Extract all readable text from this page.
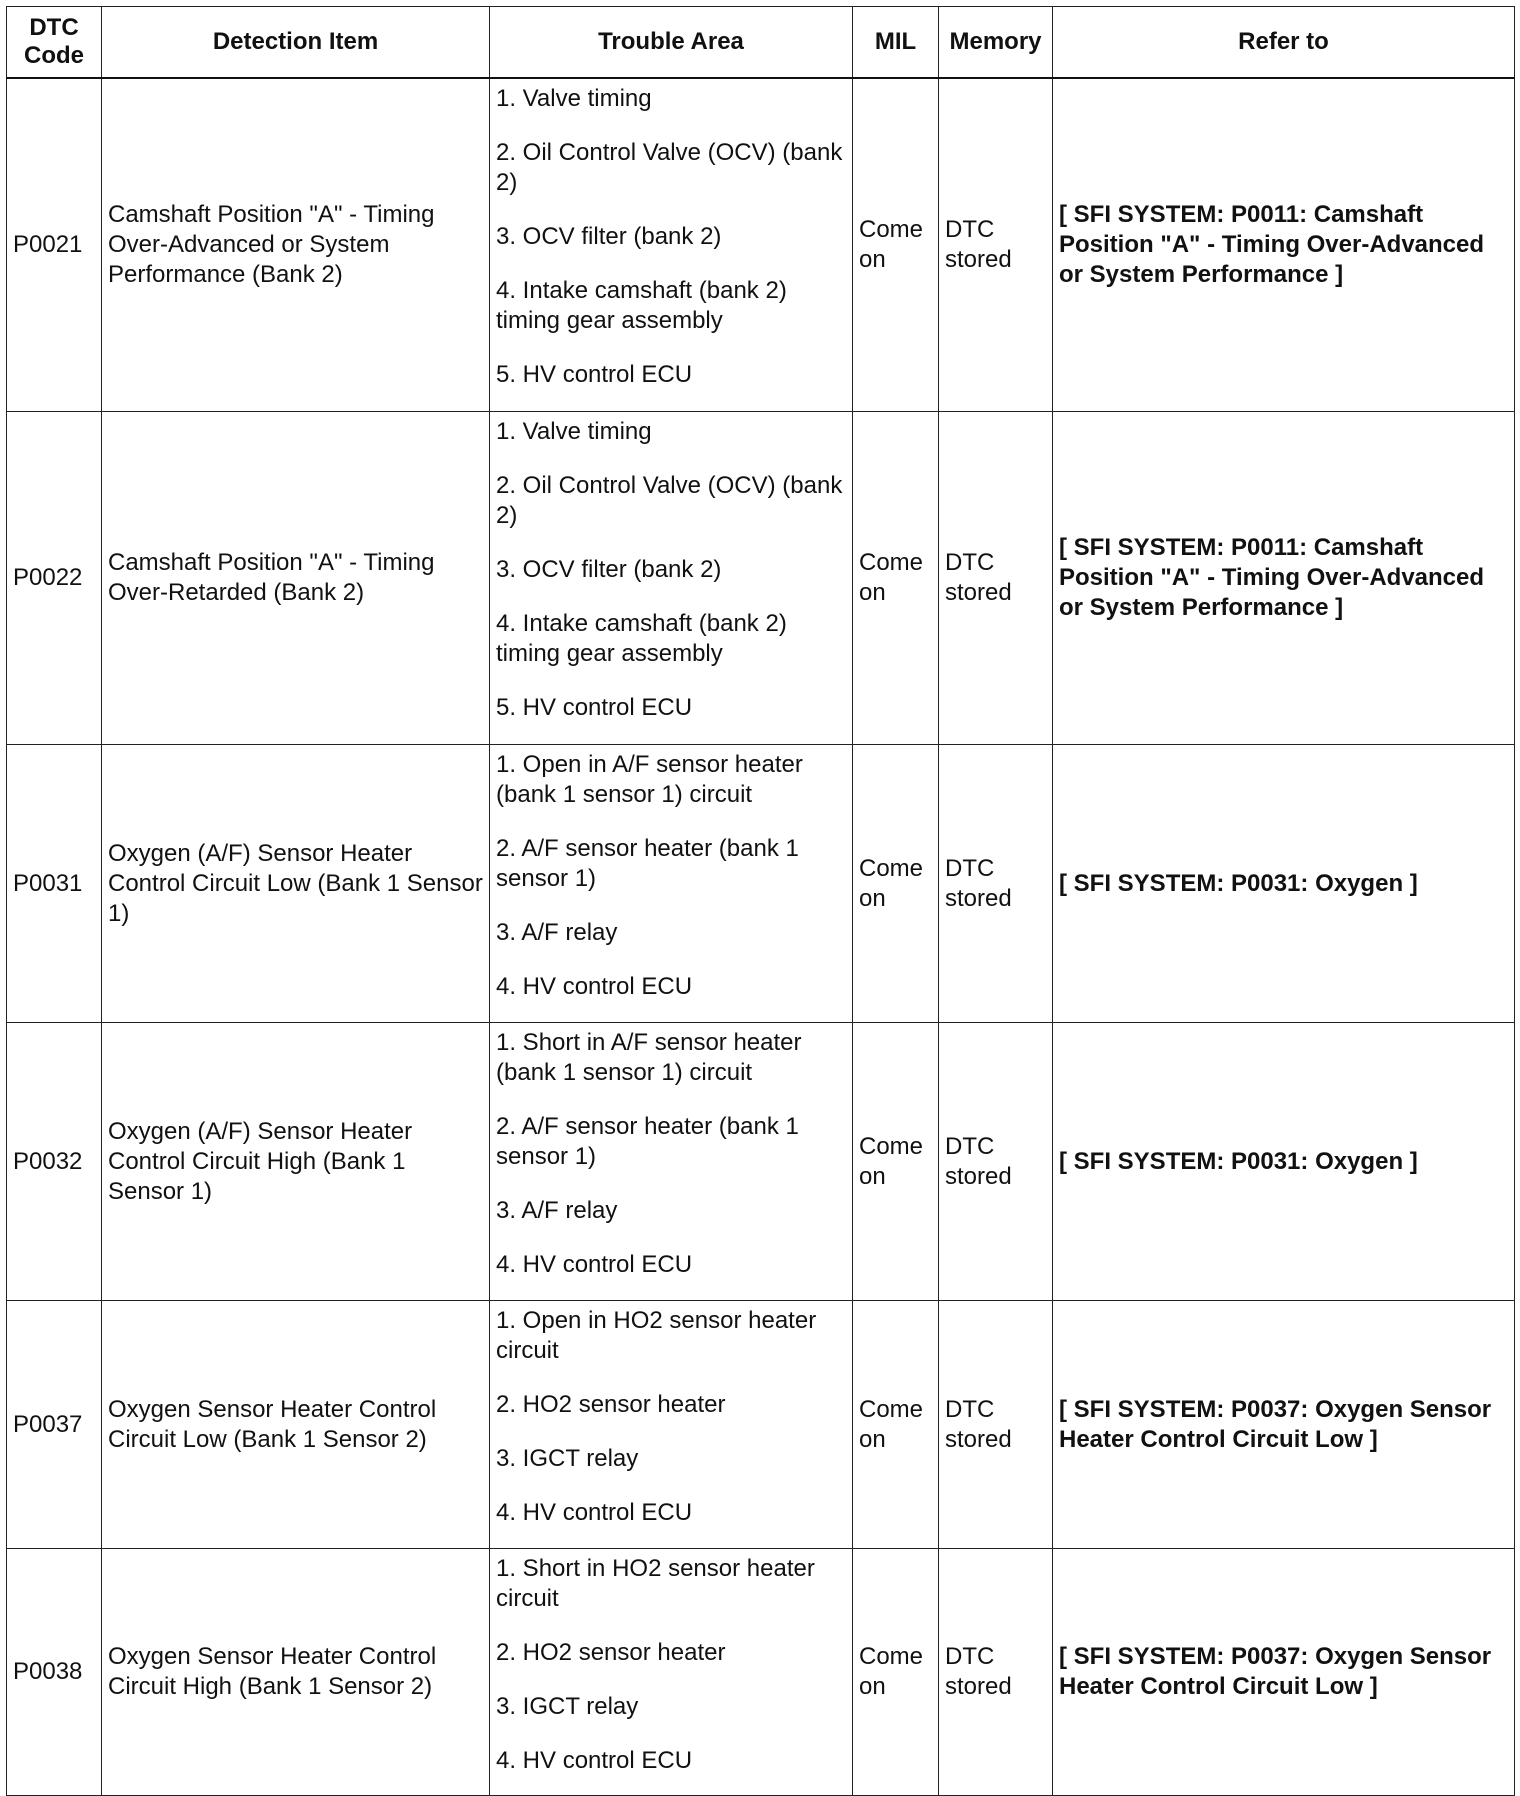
DTC
Code	Detection Item	Trouble Area	MIL	Memory	Refer to
P0021	Camshaft Position "A" - Timing Over-Advanced or System Performance (Bank 2)	1. Valve timing

2. Oil Control Valve (OCV) (bank 2)

3. OCV filter (bank 2)

4. Intake camshaft (bank 2) timing gear assembly

5. HV control ECU	Come on	DTC stored	[ SFI SYSTEM: P0011: Camshaft Position "A" - Timing Over-Advanced or System Performance ]
P0022	Camshaft Position "A" - Timing Over-Retarded (Bank 2)	1. Valve timing

2. Oil Control Valve (OCV) (bank 2)

3. OCV filter (bank 2)

4. Intake camshaft (bank 2) timing gear assembly

5. HV control ECU	Come on	DTC stored	[ SFI SYSTEM: P0011: Camshaft Position "A" - Timing Over-Advanced or System Performance ]
P0031	Oxygen (A/F) Sensor Heater Control Circuit Low (Bank 1 Sensor 1)	1. Open in A/F sensor heater (bank 1 sensor 1) circuit

2. A/F sensor heater (bank 1 sensor 1)

3. A/F relay

4. HV control ECU	Come on	DTC stored	[ SFI SYSTEM: P0031: Oxygen ]
P0032	Oxygen (A/F) Sensor Heater Control Circuit High (Bank 1 Sensor 1)	1. Short in A/F sensor heater (bank 1 sensor 1) circuit

2. A/F sensor heater (bank 1 sensor 1)

3. A/F relay

4. HV control ECU	Come on	DTC stored	[ SFI SYSTEM: P0031: Oxygen ]
P0037	Oxygen Sensor Heater Control Circuit Low (Bank 1 Sensor 2)	1. Open in HO2 sensor heater circuit

2. HO2 sensor heater

3. IGCT relay

4. HV control ECU	Come on	DTC stored	[ SFI SYSTEM: P0037: Oxygen Sensor Heater Control Circuit Low ]
P0038	Oxygen Sensor Heater Control Circuit High (Bank 1 Sensor 2)	1. Short in HO2 sensor heater circuit

2. HO2 sensor heater

3. IGCT relay

4. HV control ECU	Come on	DTC stored	[ SFI SYSTEM: P0037: Oxygen Sensor Heater Control Circuit Low ]
